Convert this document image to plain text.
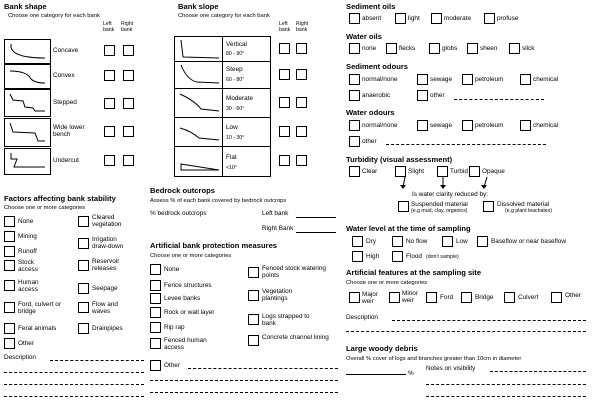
Bank shape
Choose one category for each bank
Left bank
Right bank
Concave
Convex
Stepped
Wide lower bench
Undercut
Factors affecting bank stability
Choose one or more categories
None
Mining
Runoff
Stock access
Human access
Ford, culvert or bridge
Feral animals
Other
Cleared vegetation
Irrigation draw-down
Reservoir releases
Seepage
Flow and waves
Drainpipes
Description
Bank slope
Choose one category for each bank
Left bank
Right bank
Vertical
80 - 90°
Steep
60 - 80°
Moderate
30 - 60°
Low
10 - 30°
Flat
<10°
Bedrock outcrops
Assess % of each bank covered by bedrock outcrops
% bedrock outcrops	Left bank
Right Bank
Artificial bank protection measures
Choose one or more categories
None
Fence structures
Levee banks
Rock or wall layer
Rip rap
Fenced human access
Other
Fenced stock watering points
Vegetation plantings
Logs strapped to bank
Concrete channel lining
Sediment oils
absent	light	moderate	profuse
Water oils
none	flecks	globs	sheen	slick
Sediment odours
normal/none	sewage	petroleum	chemical
anaerobic	other
Water odours
normal/none	sewage	petroleum	chemical
other
Turbidity (visual assessment)
Clear	Slight	Turbid Opaque
Is water clarity reduced by:
Suspended material
(e.g mud, clay, organics)
Dissolved material
(e.g plant leachates)
Water level at the time of sampling
Dry	No flow	Low	Baseflow or near baseflow
High	Flood (don't sample)
Artificial features at the sampling site
Choose one or more categories
Major weir
Minor weir	Ford	Bridge	Culvert	Other
Description
Large woody debris
Overall % cover of logs and branches greater than 10cm in diameter
%
Notes on visibility
